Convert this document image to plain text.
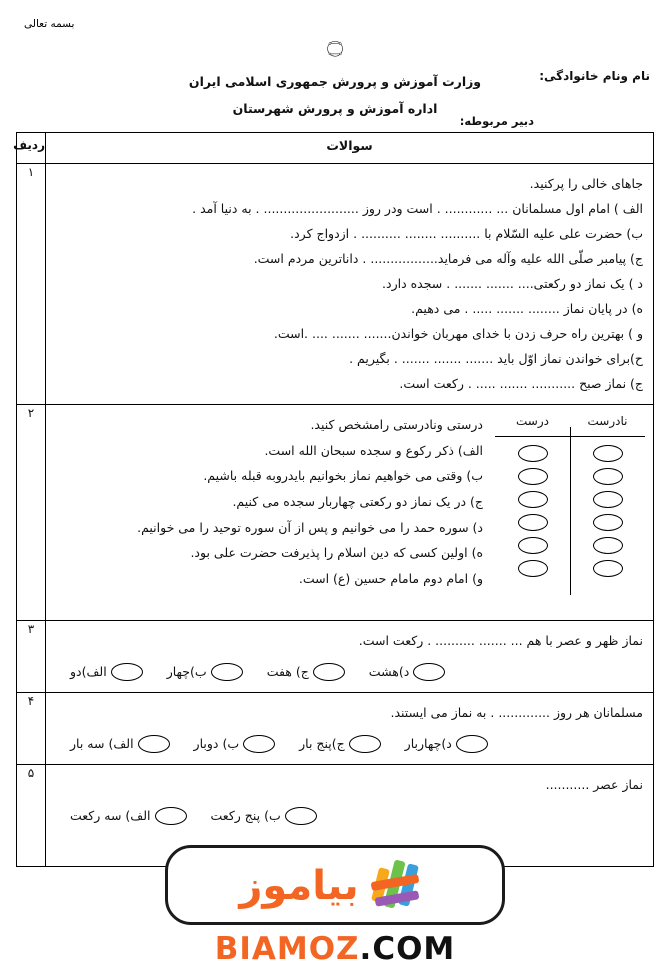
بسمه تعالی
۝
وزارت آموزش و پرورش جمهوری اسلامی ایران
اداره آموزش و پرورش شهرستان
نام ونام خانوادگی:
دبیر مربوطه:
سوالات	ردیف

جاهای خالی را پرکنید.
الف ) امام اول مسلمانان ... ............ . است ودر روز ........................ . به دنیا آمد .
ب) حضرت علی علیه السّلام با .......... ........ .......... . ازدواج کرد.
ج) پیامبر صلّی الله علیه وآله می فرماید................. . داناترین مردم است.
د ) یک نماز دو رکعتی.... ....... ....... . سجده دارد.
ه) در پایان نماز ........ ....... ..... . می دهیم.
و ) بهترین راه حرف زدن با خدای مهربان خواندن....... ....... .... .است.
ح)برای خواندن نماز اوّل باید ....... ....... ....... . بگیریم .
ج) نماز صبح ........... ....... ..... . رکعت است.
	۱

نادرست
درست
درستی ونادرستی رامشخص کنید.
الف) ذکر رکوع و سجده سبحان الله است.
ب) وقتی می خواهیم نماز بخوانیم بایدروبه قبله باشیم.
ج) در یک نماز دو رکعتی چهاربار سجده می کنیم.
د) سوره حمد را می خوانیم و پس از آن سوره توحید را می خوانیم.
ه) اولین کسی که دین اسلام را پذیرفت حضرت علی بود.
و) امام دوم مامام حسین (ع) است.
	۲

نماز ظهر و عصر با هم ... ....... .......... . رکعت است.
الف)دو ب)چهار ج) هفت د)هشت	۳

مسلمانان هر روز ............. . به نماز می ایستند.
الف) سه بار ب) دوبار ج)پنج بار د)چهاربار	۴

نماز عصر ...........
الف) سه رکعت ب) پنج رکعت	۵
بیاموز
BIAMOZ.COM
